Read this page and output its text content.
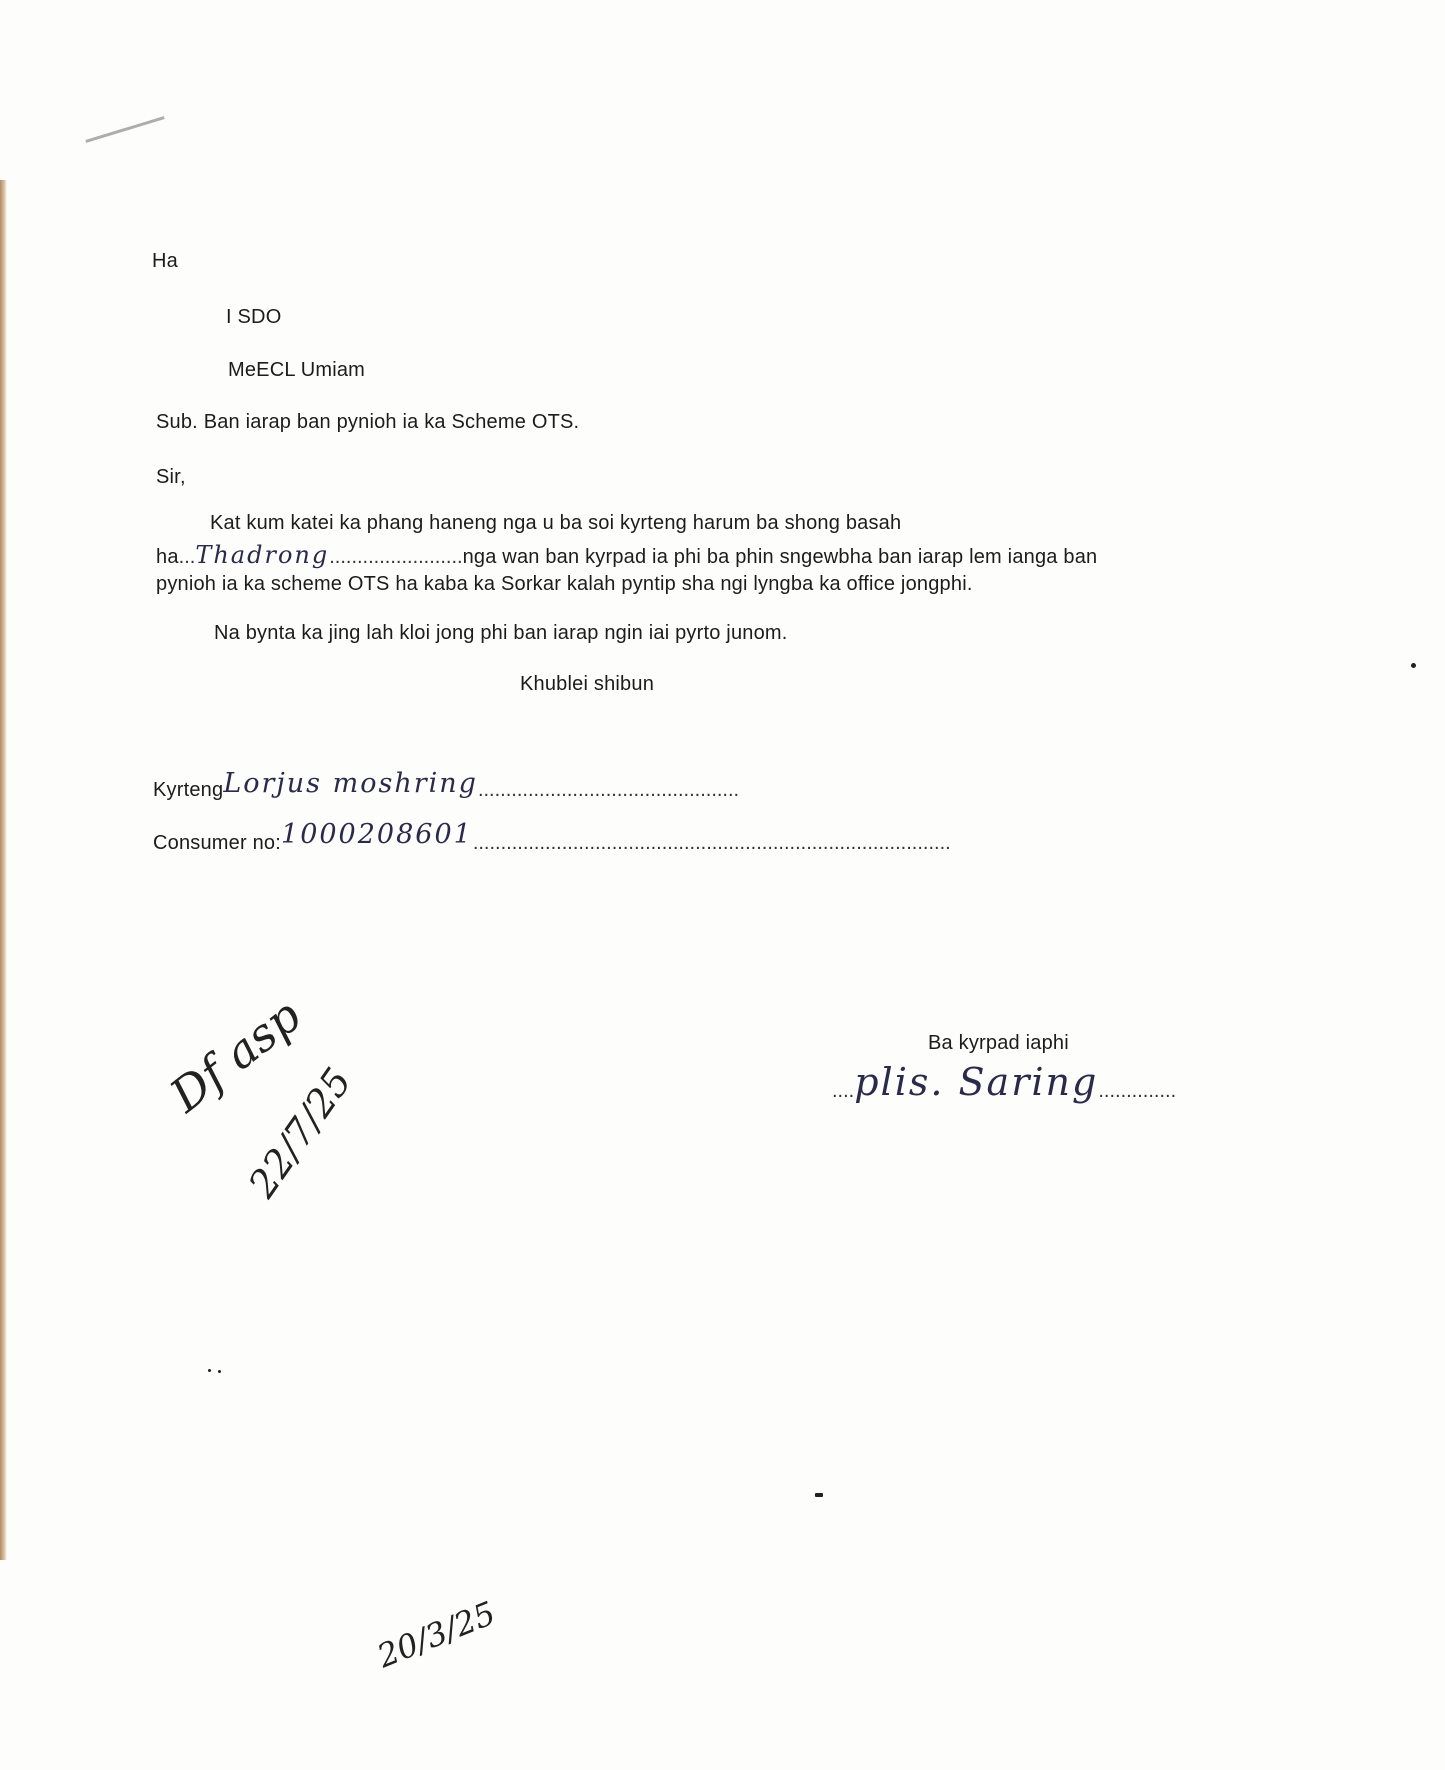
Ha
I SDO
MeECL Umiam
Sub. Ban iarap ban pynioh ia ka Scheme OTS.
Sir,
Kat kum katei ka phang haneng nga u ba soi kyrteng harum ba shong basah
ha...Thadrong........................nga wan ban kyrpad ia phi ba phin sngewbha ban iarap lem ianga ban
pynioh ia ka scheme OTS ha kaba ka Sorkar kalah pyntip sha ngi lyngba ka office jongphi.
Na bynta ka jing lah kloi jong phi ban iarap ngin iai pyrto junom.
Khublei shibun
KyrtengLorjus moshring...............................................
Consumer no:1000208601......................................................................................
Ba kyrpad iaphi
....plis. Saring..............
Df asp
22/7/25
20/3/25
